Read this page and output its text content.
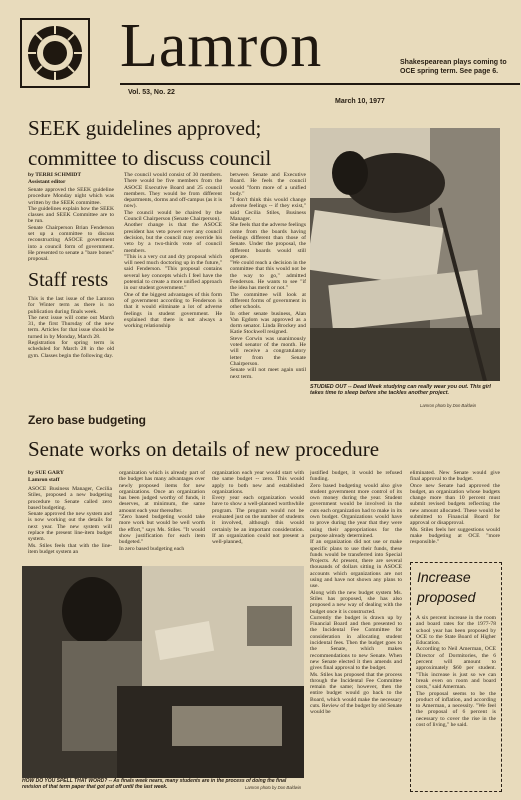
Lamron
Vol. 53, No. 22
March 10, 1977
Shakespearean plays coming to OCE spring term. See page 6.
SEEK guidelines approved;
committee to discuss council
by TERRI SCHMIDT
Assistant editor
Senate approved the SEEK guideline procedure Monday night which was written by the SEEK committee.
The guidelines explain how the SEEK classes and SEEK Committee are to be run.
Senate Chairperson Brian Fenderson set up a committee to discuss reconstructing ASOCE government into a council form of government. He presented to senate a "bare bones" proposal.
The council would consist of 30 members. There would be five members from the ASOCE Executive Board and 25 council members. They would be from different departments, dorms and off-campus (as it is now).
The council would be chaired by the Council Chairperson (Senate Chairperson).
Another change is that the ASOCE president has veto power over any council decision, but the council may override his veto by a two-thirds vote of council members.
"This is a very cut and dry proposal which will need much doctoring up in the future," said Fenderson. "This proposal contains several key concepts which I feel have the potential to create a more unified approach in our student government."
One of the biggest advantages of this form of government according to Fenderson is that it would eliminate a lot of adverse feelings in student government. He explained that there is not always a working relationship
between Senate and Executive Board. He feels the council would "form more of a unified body."
"I don't think this would change adverse feelings -- if they exist," said Cecilia Stiles, Business Manager.
She feels that the adverse feelings come from the boards having feelings different than those of Senate. Under the proposal, the different boards would still operate.
"We could reach a decision in the committee that this would not be the way to go," admitted Fenderson. He wants to see "if the idea has merit or not."
The committee will look at different forms of government in other schools.
In other senate business, Alan Van Egdom was approved as a dorm senator. Linda Brockey and Katie Stockwell resigned.
Steve Corwin was unanimously voted senator of the month. He will receive a congratulatory letter from the Senate Chairperson.
Senate will not meet again until next term.
Staff rests
This is the last issue of the Lamron for Winter term as there is no publication during finals week.
The next issue will come out March 31, the first Thursday of the new term. Articles for that issue should be turned in by Monday, March 28.
Registration for spring term is scheduled for March 28 in the old gym. Classes begin the following day.
STUDIED OUT -- Dead Week studying can really wear you out. This girl takes time to sleep before she tackles another project.
Lamron photo by Don Baldwin
Zero base budgeting
Senate works on details of new procedure
by SUE GARY
Lamron staff
ASOCE Business Manager, Cecilia Stiles, proposed a new budgeting procedure to Senate called zero based budgeting.
Senate approved the new system and is now working out the details for next year. The new system will replace the present line-item budget system.
Ms. Stiles feels that with the line-item budget system an
organization which is already part of the budget has many advantages over newly proposed items for new organizations. Once an organization has been judged worthy of funds, it deserves, at minimum, the same amount each year thereafter.
"Zero based budgeting would take more work but would be well worth the effort," says Ms. Stiles. "It would show justification for each item budgeted."
In zero based budgeting each
organization each year would start with the same budget -- zero. This would apply to both new and established organizations.
Every year each organization would have to show a well-planned worthwhile program. The program would not be evaluated just on the number of students it involved, although this would certainly be an important consideration. If an organization could not present a well-planned,
justified budget, it would be refused funding.
Zero based budgeting would also give student government more control of its own money during the year. Student government would be involved in the cuts each organization had to make in its own budget. Organizations would have to prove during the year that they were using their appropriations for the purpose already determined.
If an organization did not use or make specific plans to use their funds, these funds would be transferred into Special Projects. At present, there are several thousands of dollars sitting in ASOCE accounts which organizations are not using and have not shown any plans to use.
Along with the new budget system Ms. Stiles has proposed, she has also proposed a new way of dealing with the budget once it is constructed.
Currently the budget is drawn up by Financial Board and then presented to the Incidental Fee Committee for consideration in allocating student incidental fees. Then the budget goes to the Senate, which makes recommendations to new Senate. When new Senate elected it then amends and gives final approval to the budget.
Ms. Stiles has proposed that the process through the Incidental Fee Committee remain the same; however, then the entire budget would go back to the Board, which would make the necessary cuts. Review of the budget by old Senate would be
eliminated. New Senate would give final approval to the budget.
Once new Senate had approved the budget, an organization whose budgets change more than 10 percent must submit revised budgets reflecting the new amount allocated. These would be submitted to Financial Board for approval or disapproval.
Ms. Stiles feels her suggestions would make budgeting at OCE "more responsible."
Increase
proposed
A six percent increase in the room and board rates for the 1977-78 school year has been proposed by OCE to the State Board of Higher Education.
According to Neil Amerman, OCE Director of Dormitories, the 6 percent will amount to approximately $60 per student. "This increase is just so we can break even on room and board costs," said Amerman.
The proposal seems to be the product of inflation, and according to Amerman, a necessity. "We feel the proposal of 6 percent is necessary to cover the rise in the cost of living," he said.
HOW DO YOU SPELL THAT WORD? -- As finals week nears, many students are in the process of doing the final revision of that term paper that got put off until the last week.	Lamron photo by Don Baldwin
